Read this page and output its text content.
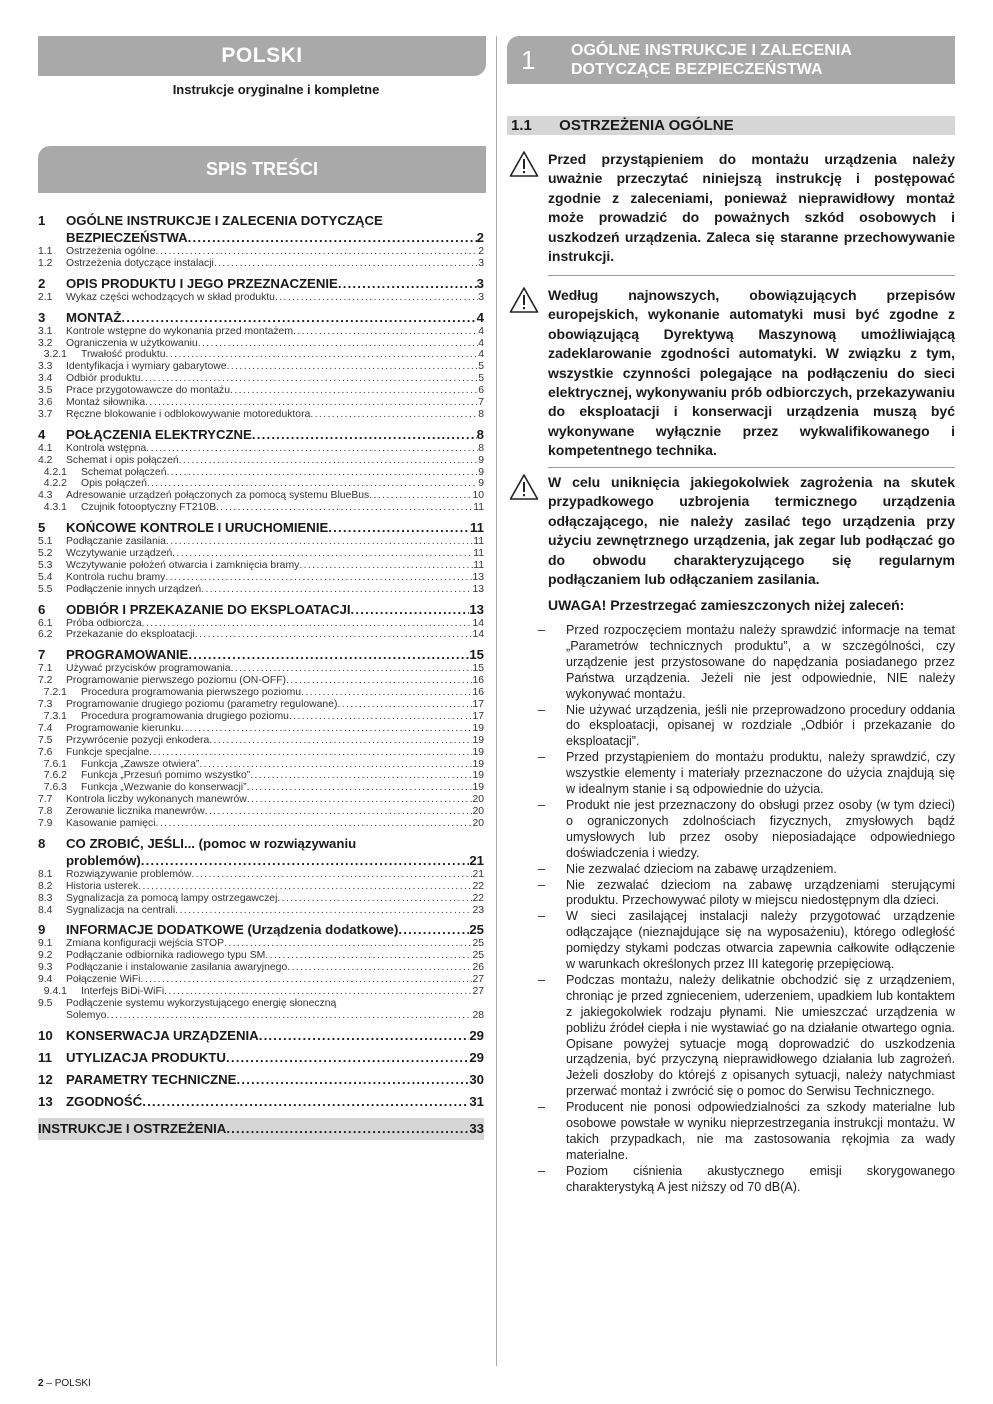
POLSKI
Instrukcje oryginalne i kompletne
SPIS TREŚCI
1	OGÓLNE INSTRUKCJE I ZALECENIA DOTYCZĄCE
BEZPIECZEŃSTWA .....	2
1.1	Ostrzeżenia ogólne .....	2
1.2	Ostrzeżenia dotyczące instalacji .....	3
2	OPIS PRODUKTU I JEGO PRZEZNACZENIE .....	3
2.1	Wykaz części wchodzących w skład produktu .....	3
3	MONTAŻ .....	4
3.1	Kontrole wstępne do wykonania przed montażem .....	4
3.2	Ograniczenia w użytkowaniu .....	4
3.2.1	Trwałość produktu .....	4
3.3	Identyfikacja i wymiary gabarytowe .....	5
3.4	Odbiór produktu .....	5
3.5	Prace przygotowawcze do montażu .....	6
3.6	Montaż siłownika .....	7
3.7	Ręczne blokowanie i odblokowywanie motoreduktora .....	8
4	POŁĄCZENIA ELEKTRYCZNE .....	8
4.1	Kontrola wstępna .....	8
4.2	Schemat i opis połączeń .....	9
4.2.1	Schemat połączeń .....	9
4.2.2	Opis połączeń .....	9
4.3	Adresowanie urządzeń połączonych za pomocą systemu BlueBus .....	10
4.3.1	Czujnik fotooptyczny FT210B .....	11
5	KOŃCOWE KONTROLE I URUCHOMIENIE .....	11
5.1	Podłączanie zasilania .....	11
5.2	Wczytywanie urządzeń .....	11
5.3	Wczytywanie położeń otwarcia i zamknięcia bramy .....	11
5.4	Kontrola ruchu bramy .....	13
5.5	Podłączenie innych urządzeń .....	13
6	ODBIÓR I PRZEKAZANIE DO EKSPLOATACJI .....	13
6.1	Próba odbiorcza .....	14
6.2	Przekazanie do eksploatacji .....	14
7	PROGRAMOWANIE .....	15
7.1	Używać przycisków programowania .....	15
7.2	Programowanie pierwszego poziomu (ON-OFF) .....	16
7.2.1	Procedura programowania pierwszego poziomu .....	16
7.3	Programowanie drugiego poziomu (parametry regulowane) .....	17
7.3.1	Procedura programowania drugiego poziomu .....	17
7.4	Programowanie kierunku .....	19
7.5	Przywrócenie pozycji enkodera .....	19
7.6	Funkcje specjalne .....	19
7.6.1	Funkcja „Zawsze otwiera” .....	19
7.6.2	Funkcja „Przesuń pomimo wszystko” .....	19
7.6.3	Funkcja „Wezwanie do konserwacji” .....	19
7.7	Kontrola liczby wykonanych manewrów .....	20
7.8	Zerowanie licznika manewrów .....	20
7.9	Kasowanie pamięci .....	20
8	CO ZROBIĆ, JEŚLI... (pomoc w rozwiązywaniu
problemów) .....	21
8.1	Rozwiązywanie problemów .....	21
8.2	Historia usterek .....	22
8.3	Sygnalizacja za pomocą lampy ostrzegawczej .....	22
8.4	Sygnalizacja na centrali .....	23
9	INFORMACJE DODATKOWE (Urządzenia dodatkowe) .....	25
9.1	Zmiana konfiguracji wejścia STOP .....	25
9.2	Podłączanie odbiornika radiowego typu SM .....	25
9.3	Podłączanie i instalowanie zasilania awaryjnego .....	26
9.4	Połączenie WiFi .....	27
9.4.1	Interfejs BiDi-WiFi .....	27
9.5	Podłączenie systemu wykorzystującego energię słoneczną
Solemyo .....	28
10	KONSERWACJA URZĄDZENIA .....	29
11	UTYLIZACJA PRODUKTU .....	29
12	PARAMETRY TECHNICZNE .....	30
13	ZGODNOŚĆ .....	31
INSTRUKCJE I OSTRZEŻENIA .....	33
1 OGÓLNE INSTRUKCJE I ZALECENIA
DOTYCZĄCE BEZPIECZEŃSTWA
1.1 OSTRZEŻENIA OGÓLNE
Przed przystąpieniem do montażu urządzenia należy uważnie przeczytać niniejszą instrukcję i postępować zgodnie z zaleceniami, ponieważ nieprawidłowy montaż może prowadzić do poważnych szkód osobowych i uszkodzeń urządzenia. Zaleca się staranne przechowywanie instrukcji.
Według najnowszych, obowiązujących przepisów europejskich, wykonanie automatyki musi być zgodne z obowiązującą Dyrektywą Maszynową umożliwiającą zadeklarowanie zgodności automatyki. W związku z tym, wszystkie czynności polegające na podłączeniu do sieci elektrycznej, wykonywaniu prób odbiorczych, przekazywaniu do eksploatacji i konserwacji urządzenia muszą być wykonywane wyłącznie przez wykwalifikowanego i kompetentnego technika.
W celu uniknięcia jakiegokolwiek zagrożenia na skutek przypadkowego uzbrojenia termicznego urządzenia odłączającego, nie należy zasilać tego urządzenia przy użyciu zewnętrznego urządzenia, jak zegar lub podłączać go do obwodu charakteryzującego się regularnym podłączaniem lub odłączaniem zasilania.
UWAGA! Przestrzegać zamieszczonych niżej zaleceń:
–	Przed rozpoczęciem montażu należy sprawdzić informacje na temat „Parametrów technicznych produktu”, a w szczególności, czy urządzenie jest przystosowane do napędzania posiadanego przez Państwa urządzenia. Jeżeli nie jest odpowiednie, NIE należy wykonywać montażu.
–	Nie używać urządzenia, jeśli nie przeprowadzono procedury oddania do eksploatacji, opisanej w rozdziale „Odbiór i przekazanie do eksploatacji”.
–	Przed przystąpieniem do montażu produktu, należy sprawdzić, czy wszystkie elementy i materiały przeznaczone do użycia znajdują się w idealnym stanie i są odpowiednie do użycia.
–	Produkt nie jest przeznaczony do obsługi przez osoby (w tym dzieci) o ograniczonych zdolnościach fizycznych, zmysłowych bądź umysłowych lub przez osoby nieposiadające odpowiedniego doświadczenia i wiedzy.
–	Nie zezwalać dzieciom na zabawę urządzeniem.
–	Nie zezwalać dzieciom na zabawę urządzeniami sterującymi produktu. Przechowywać piloty w miejscu niedostępnym dla dzieci.
–	W sieci zasilającej instalacji należy przygotować urządzenie odłączające (nieznajdujące się na wyposażeniu), którego odległość pomiędzy stykami podczas otwarcia zapewnia całkowite odłączenie w warunkach określonych przez III kategorię przepięciową.
–	Podczas montażu, należy delikatnie obchodzić się z urządzeniem, chroniąc je przed zgnieceniem, uderzeniem, upadkiem lub kontaktem z jakiegokolwiek rodzaju płynami. Nie umieszczać urządzenia w pobliżu źródeł ciepła i nie wystawiać go na działanie otwartego ognia. Opisane powyżej sytuacje mogą doprowadzić do uszkodzenia urządzenia, być przyczyną nieprawidłowego działania lub zagrożeń. Jeżeli doszłoby do którejś z opisanych sytuacji, należy natychmiast przerwać montaż i zwrócić się o pomoc do Serwisu Technicznego.
–	Producent nie ponosi odpowiedzialności za szkody materialne lub osobowe powstałe w wyniku nieprzestrzegania instrukcji montażu. W takich przypadkach, nie ma zastosowania rękojmia za wady materialne.
–	Poziom ciśnienia akustycznego emisji skorygowanego charakterystyką A jest niższy od 70 dB(A).
2 – POLSKI
